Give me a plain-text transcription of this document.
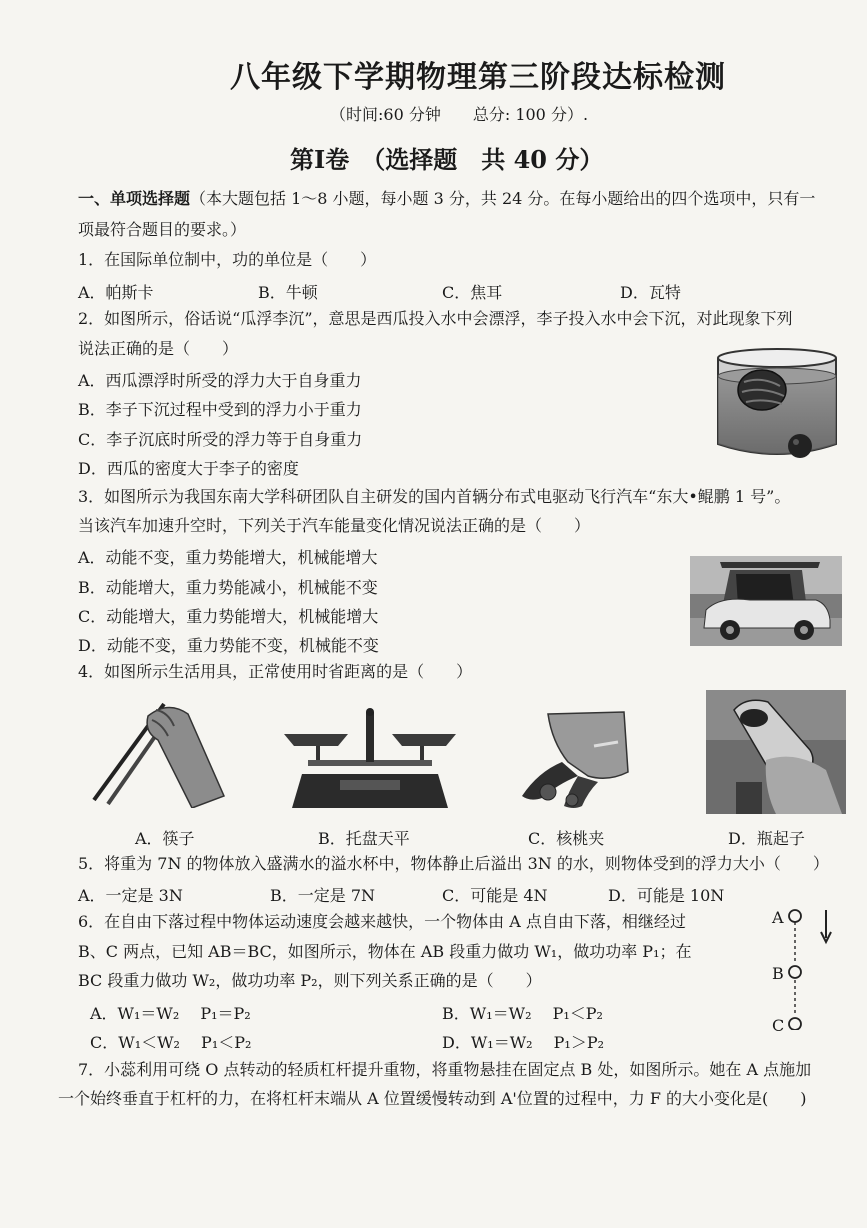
八年级下学期物理第三阶段达标检测
（时间:60 分钟　　总分: 100 分）.
第Ⅰ卷　（选择题　共 40 分）
一、单项选择题（本大题包括 1～8 小题，每小题 3 分，共 24 分。在每小题给出的四个选项中，只有一
项最符合题目的要求。）
1．在国际单位制中，功的单位是（　　）
A．帕斯卡	B．牛顿	C．焦耳	D．瓦特
2．如图所示，俗话说“瓜浮李沉”，意思是西瓜投入水中会漂浮，李子投入水中会下沉，对此现象下列
说法正确的是（　　）
A．西瓜漂浮时所受的浮力大于自身重力
B．李子下沉过程中受到的浮力小于重力
C．李子沉底时所受的浮力等于自身重力
D．西瓜的密度大于李子的密度
3．如图所示为我国东南大学科研团队自主研发的国内首辆分布式电驱动飞行汽车“东大•鲲鹏 1 号”。
当该汽车加速升空时，下列关于汽车能量变化情况说法正确的是（　　）
A．动能不变，重力势能增大，机械能增大
B．动能增大，重力势能减小，机械能不变
C．动能增大，重力势能增大，机械能增大
D．动能不变，重力势能不变，机械能不变
4．如图所示生活用具，正常使用时省距离的是（　　）
A．筷子	B．托盘天平	C．核桃夹	D．瓶起子
5．将重为 7N 的物体放入盛满水的溢水杯中，物体静止后溢出 3N 的水，则物体受到的浮力大小（　　）
A．一定是 3N	B．一定是 7N	C．可能是 4N	D．可能是 10N
6．在自由下落过程中物体运动速度会越来越快，一个物体由 A 点自由下落，相继经过
B、C 两点，已知 AB＝BC，如图所示，物体在 AB 段重力做功 W₁，做功功率 P₁；在
BC 段重力做功 W₂，做功功率 P₂，则下列关系正确的是（　　）
A．W₁＝W₂　 P₁＝P₂	B．W₁＝W₂　 P₁＜P₂
C．W₁＜W₂　 P₁＜P₂	D．W₁＝W₂　 P₁＞P₂
A
B
C
7．小蕊利用可绕 O 点转动的轻质杠杆提升重物，将重物悬挂在固定点 B 处，如图所示。她在 A 点施加
一个始终垂直于杠杆的力，在将杠杆末端从 A 位置缓慢转动到 A'位置的过程中，力 F 的大小变化是(　　)
